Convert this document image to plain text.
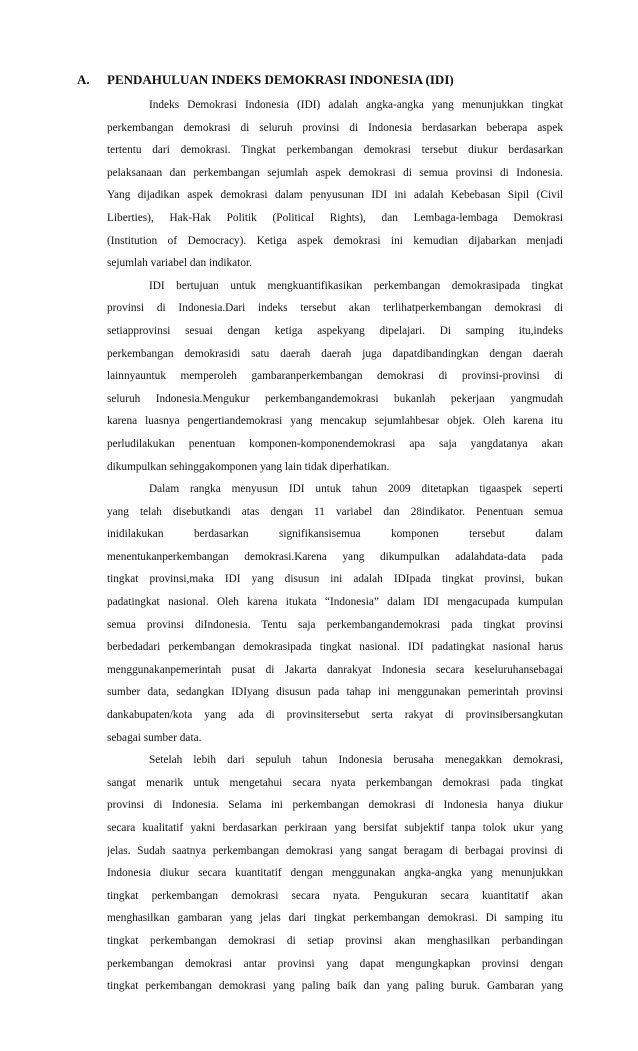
A. PENDAHULUAN INDEKS DEMOKRASI INDONESIA (IDI)
Indeks Demokrasi Indonesia (IDI) adalah angka-angka yang menunjukkan tingkat
perkembangan demokrasi di seluruh provinsi di Indonesia berdasarkan beberapa aspek
tertentu dari demokrasi. Tingkat perkembangan demokrasi tersebut diukur berdasarkan
pelaksanaan dan perkembangan sejumlah aspek demokrasi di semua provinsi di Indonesia.
Yang dijadikan aspek demokrasi dalam penyusunan IDI ini adalah Kebebasan Sipil (Civil
Liberties), Hak-Hak Politik (Political Rights), dan Lembaga-lembaga Demokrasi
(Institution of Democracy). Ketiga aspek demokrasi ini kemudian dijabarkan menjadi
sejumlah variabel dan indikator.
IDI bertujuan untuk mengkuantifikasikan perkembangan demokrasipada tingkat
provinsi di Indonesia.Dari indeks tersebut akan terlihatperkembangan demokrasi di
setiapprovinsi sesuai dengan ketiga aspekyang dipelajari. Di samping itu,indeks
perkembangan demokrasidi satu daerah daerah juga dapatdibandingkan dengan daerah
lainnyauntuk memperoleh gambaranperkembangan demokrasi di provinsi-provinsi di
seluruh Indonesia.Mengukur perkembangandemokrasi bukanlah pekerjaan yangmudah
karena luasnya pengertiandemokrasi yang mencakup sejumlahbesar objek. Oleh karena itu
perludilakukan penentuan komponen-komponendemokrasi apa saja yangdatanya akan
dikumpulkan sehinggakomponen yang lain tidak diperhatikan.
Dalam rangka menyusun IDI untuk tahun 2009 ditetapkan tigaaspek seperti
yang telah disebutkandi atas dengan 11 variabel dan 28indikator. Penentuan semua
inidilakukan berdasarkan signifikansisemua komponen tersebut dalam
menentukanperkembangan demokrasi.Karena yang dikumpulkan adalahdata-data pada
tingkat provinsi,maka IDI yang disusun ini adalah IDIpada tingkat provinsi, bukan
padatingkat nasional. Oleh karena itukata “Indonesia” dalam IDI mengacupada kumpulan
semua provinsi diIndonesia. Tentu saja perkembangandemokrasi pada tingkat provinsi
berbedadari perkembangan demokrasipada tingkat nasional. IDI padatingkat nasional harus
menggunakanpemerintah pusat di Jakarta danrakyat Indonesia secara keseluruhansebagai
sumber data, sedangkan IDIyang disusun pada tahap ini menggunakan pemerintah provinsi
dankabupaten/kota yang ada di provinsitersebut serta rakyat di provinsibersangkutan
sebagai sumber data.
Setelah lebih dari sepuluh tahun Indonesia berusaha menegakkan demokrasi,
sangat menarik untuk mengetahui secara nyata perkembangan demokrasi pada tingkat
provinsi di Indonesia. Selama ini perkembangan demokrasi di Indonesia hanya diukur
secara kualitatif yakni berdasarkan perkiraan yang bersifat subjektif tanpa tolok ukur yang
jelas. Sudah saatnya perkembangan demokrasi yang sangat beragam di berbagai provinsi di
Indonesia diukur secara kuantitatif dengan menggunakan angka-angka yang menunjukkan
tingkat perkembangan demokrasi secara nyata. Pengukuran secara kuantitatif akan
menghasilkan gambaran yang jelas dari tingkat perkembangan demokrasi. Di samping itu
tingkat perkembangan demokrasi di setiap provinsi akan menghasilkan perbandingan
perkembangan demokrasi antar provinsi yang dapat mengungkapkan provinsi dengan
tingkat perkembangan demokrasi yang paling baik dan yang paling buruk. Gambaran yang
